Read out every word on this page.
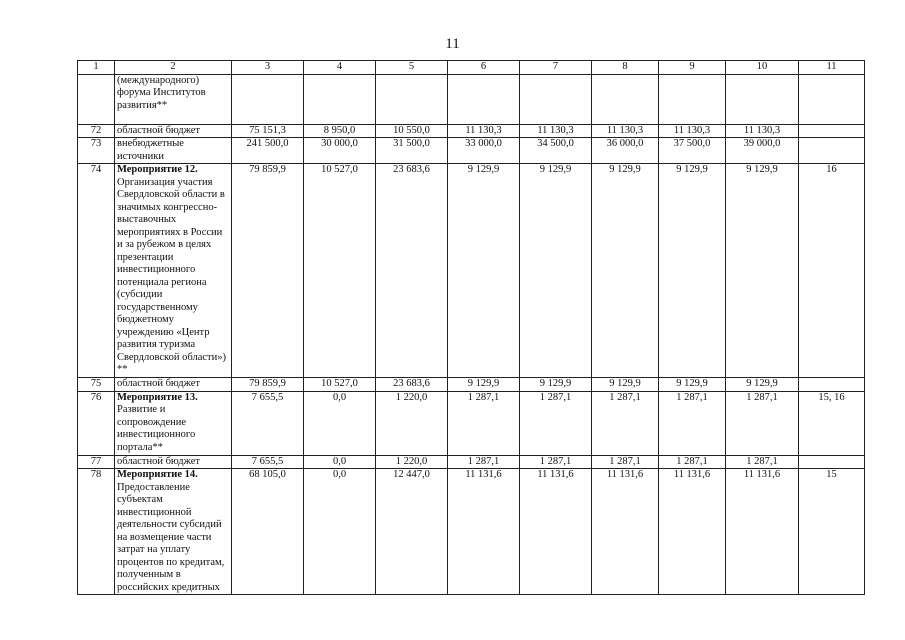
11
1	2	3	4	5	6	7	8	9	10	11
	(международного) форума Институтов развития**									
72	областной бюджет	75 151,3	8 950,0	10 550,0	11 130,3	11 130,3	11 130,3	11 130,3	11 130,3	
73	внебюджетные источники	241 500,0	30 000,0	31 500,0	33 000,0	34 500,0	36 000,0	37 500,0	39 000,0	
74	Мероприятие 12. Организация участия Свердловской области в значимых конгрессно-выставочных мероприятиях в России и за рубежом в целях презентации инвестиционного потенциала региона (субсидии государственному бюджетному учреждению «Центр развития туризма Свердловской области») **	79 859,9	10 527,0	23 683,6	9 129,9	9 129,9	9 129,9	9 129,9	9 129,9	16
75	областной бюджет	79 859,9	10 527,0	23 683,6	9 129,9	9 129,9	9 129,9	9 129,9	9 129,9	
76	Мероприятие 13. Развитие и сопровождение инвестиционного портала**	7 655,5	0,0	1 220,0	1 287,1	1 287,1	1 287,1	1 287,1	1 287,1	15, 16
77	областной бюджет	7 655,5	0,0	1 220,0	1 287,1	1 287,1	1 287,1	1 287,1	1 287,1	
78	Мероприятие 14. Предоставление субъектам инвестиционной деятельности субсидий на возмещение части затрат на уплату процентов по кредитам, полученным в российских кредитных	68 105,0	0,0	12 447,0	11 131,6	11 131,6	11 131,6	11 131,6	11 131,6	15
